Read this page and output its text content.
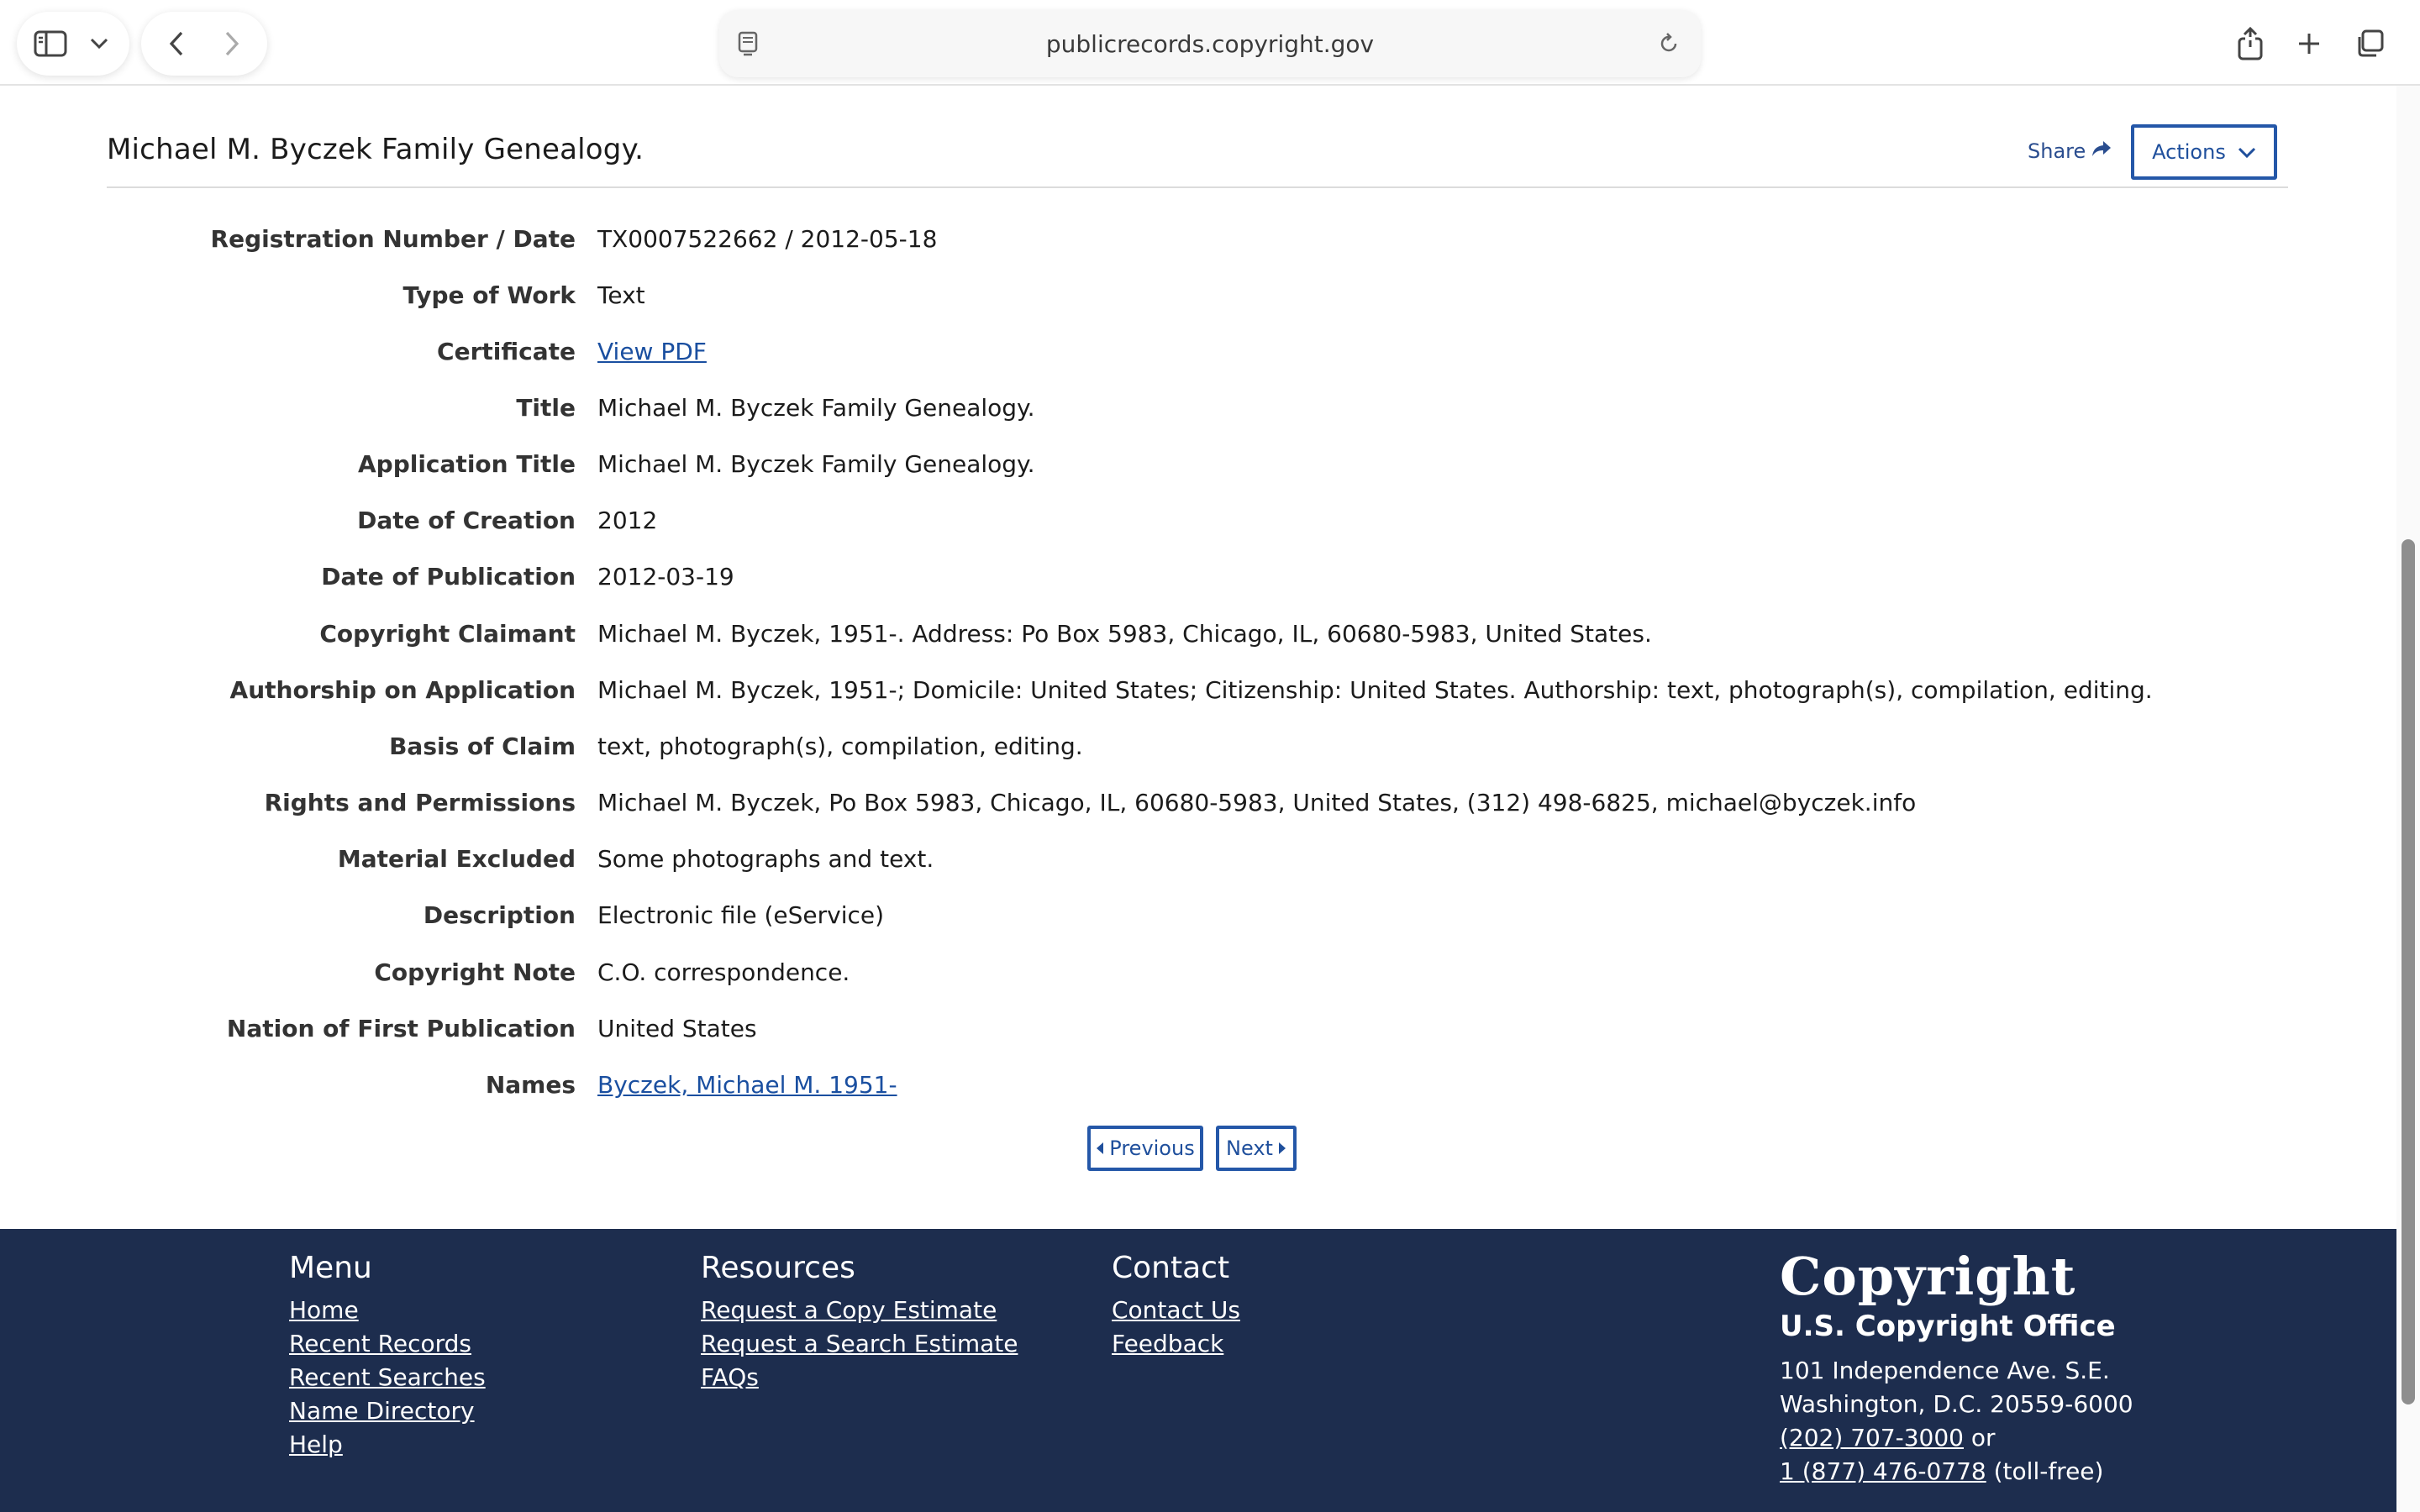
publicrecords.copyright.gov
Michael M. Byczek Family Genealogy.	Share	Actions
Registration Number / Date TX0007522662 / 2012-05-18
Type of Work Text
Certificate View PDF
Title Michael M. Byczek Family Genealogy.
Application Title Michael M. Byczek Family Genealogy.
Date of Creation 2012
Date of Publication 2012-03-19
Copyright Claimant Michael M. Byczek, 1951-. Address: Po Box 5983, Chicago, IL, 60680-5983, United States.
Authorship on Application Michael M. Byczek, 1951-; Domicile: United States; Citizenship: United States. Authorship: text, photograph(s), compilation, editing.
Basis of Claim text, photograph(s), compilation, editing.
Rights and Permissions Michael M. Byczek, Po Box 5983, Chicago, IL, 60680-5983, United States, (312) 498-6825, michael@byczek.info
Material Excluded Some photographs and text.
Description Electronic file (eService)
Copyright Note C.O. correspondence.
Nation of First Publication United States
Names Byczek, Michael M. 1951-
Previous Next
Menu
Home
Recent Records
Recent Searches
Name Directory
Help
Resources
Request a Copy Estimate
Request a Search Estimate
FAQs
Contact
Contact Us
Feedback
Copyright
U.S. Copyright Office
101 Independence Ave. S.E.
Washington, D.C. 20559-6000
(202) 707-3000 or
1 (877) 476-0778 (toll-free)
